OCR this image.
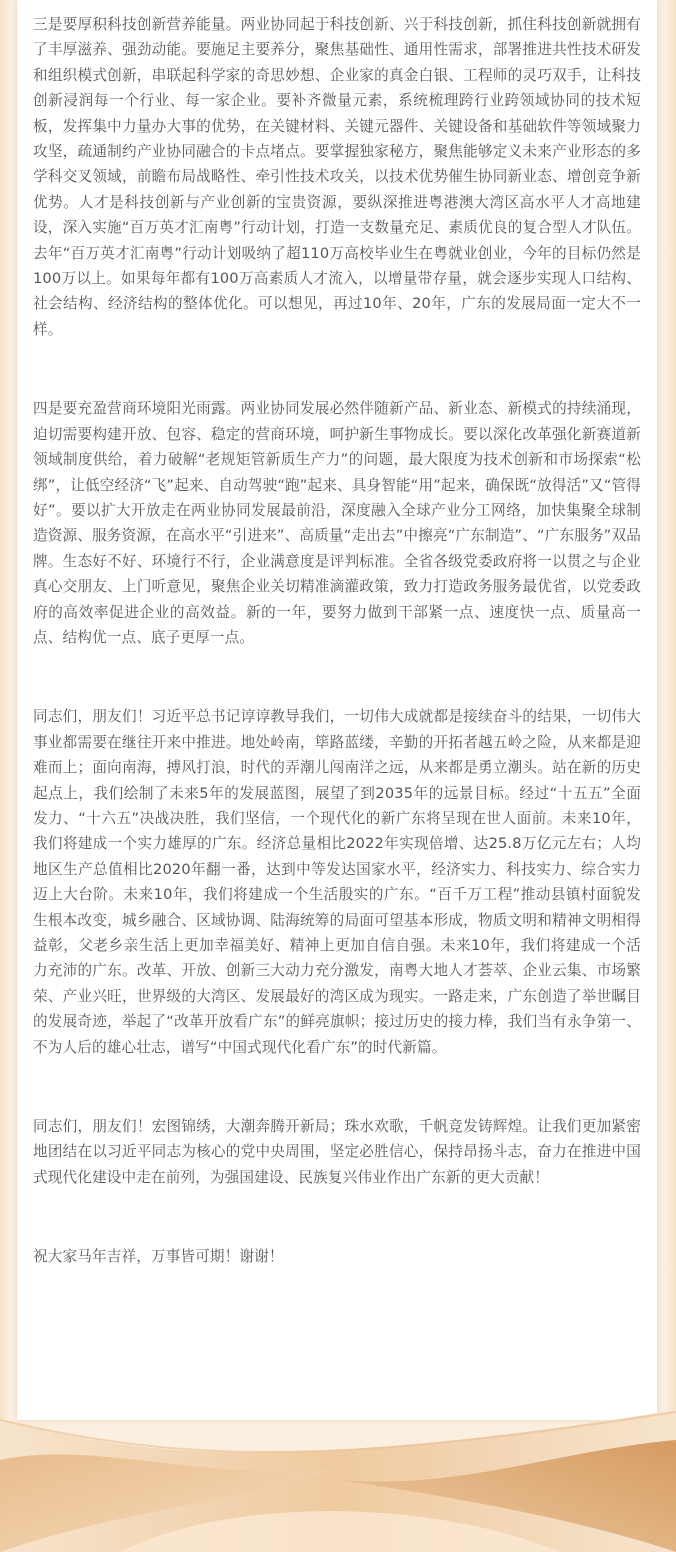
三是要厚积科技创新营养能量。两业协同起于科技创新、兴于科技创新，抓住科技创新就拥有了丰厚滋养、强劲动能。要施足主要养分，聚焦基础性、通用性需求，部署推进共性技术研发和组织模式创新，串联起科学家的奇思妙想、企业家的真金白银、工程师的灵巧双手，让科技创新浸润每一个行业、每一家企业。要补齐微量元素，系统梳理跨行业跨领域协同的技术短板，发挥集中力量办大事的优势，在关键材料、关键元器件、关键设备和基础软件等领域聚力攻坚，疏通制约产业协同融合的卡点堵点。要掌握独家秘方，聚焦能够定义未来产业形态的多学科交叉领域，前瞻布局战略性、牵引性技术攻关，以技术优势催生协同新业态、增创竞争新优势。人才是科技创新与产业创新的宝贵资源，要纵深推进粤港澳大湾区高水平人才高地建设，深入实施“百万英才汇南粤”行动计划，打造一支数量充足、素质优良的复合型人才队伍。去年“百万英才汇南粤”行动计划吸纳了超110万高校毕业生在粤就业创业，今年的目标仍然是100万以上。如果每年都有100万高素质人才流入，以增量带存量，就会逐步实现人口结构、社会结构、经济结构的整体优化。可以想见，再过10年、20年，广东的发展局面一定大不一样。

四是要充盈营商环境阳光雨露。两业协同发展必然伴随新产品、新业态、新模式的持续涌现，迫切需要构建开放、包容、稳定的营商环境，呵护新生事物成长。要以深化改革强化新赛道新领域制度供给，着力破解“老规矩管新质生产力”的问题，最大限度为技术创新和市场探索“松绑”，让低空经济“飞”起来、自动驾驶“跑”起来、具身智能“用”起来，确保既“放得活”又“管得好”。要以扩大开放走在两业协同发展最前沿，深度融入全球产业分工网络，加快集聚全球制造资源、服务资源，在高水平“引进来”、高质量“走出去”中擦亮“广东制造”、“广东服务”双品牌。生态好不好、环境行不行，企业满意度是评判标准。全省各级党委政府将一以贯之与企业真心交朋友、上门听意见，聚焦企业关切精准滴灌政策，致力打造政务服务最优省，以党委政府的高效率促进企业的高效益。新的一年，要努力做到干部紧一点、速度快一点、质量高一点、结构优一点、底子更厚一点。

同志们，朋友们！习近平总书记谆谆教导我们，一切伟大成就都是接续奋斗的结果，一切伟大事业都需要在继往开来中推进。地处岭南，筚路蓝缕，辛勤的开拓者越五岭之险，从来都是迎难而上；面向南海，搏风打浪，时代的弄潮儿闯南洋之远，从来都是勇立潮头。站在新的历史起点上，我们绘制了未来5年的发展蓝图，展望了到2035年的远景目标。经过“十五五”全面发力、“十六五”决战决胜，我们坚信，一个现代化的新广东将呈现在世人面前。未来10年，我们将建成一个实力雄厚的广东。经济总量相比2022年实现倍增、达25.8万亿元左右；人均地区生产总值相比2020年翻一番，达到中等发达国家水平，经济实力、科技实力、综合实力迈上大台阶。未来10年，我们将建成一个生活殷实的广东。“百千万工程”推动县镇村面貌发生根本改变，城乡融合、区域协调、陆海统筹的局面可望基本形成，物质文明和精神文明相得益彰，父老乡亲生活上更加幸福美好、精神上更加自信自强。未来10年，我们将建成一个活力充沛的广东。改革、开放、创新三大动力充分激发，南粤大地人才荟萃、企业云集、市场繁荣、产业兴旺，世界级的大湾区、发展最好的湾区成为现实。一路走来，广东创造了举世瞩目的发展奇迹，举起了“改革开放看广东”的鲜亮旗帜；接过历史的接力棒，我们当有永争第一、不为人后的雄心壮志，谱写“中国式现代化看广东”的时代新篇。

同志们，朋友们！宏图锦绣，大潮奔腾开新局；珠水欢歌，千帆竞发铸辉煌。让我们更加紧密地团结在以习近平同志为核心的党中央周围，坚定必胜信心，保持昂扬斗志，奋力在推进中国式现代化建设中走在前列，为强国建设、民族复兴伟业作出广东新的更大贡献！

祝大家马年吉祥，万事皆可期！谢谢！
